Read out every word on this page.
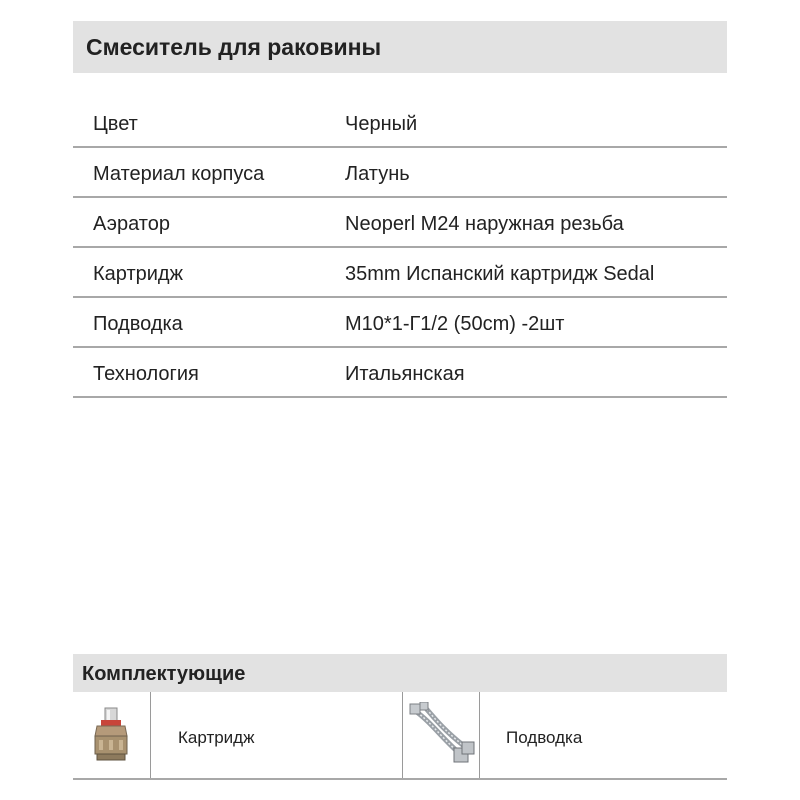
Смеситель для раковины
Цвет	Черный
Материал корпуса	Латунь
Аэратор	Neoperl M24 наружная резьба
Картридж	35mm Испанский картридж Sedal
Подводка	M10*1-Г1/2 (50cm) -2шт
Технология	Итальянская
Комплектующие
Картридж	Подводка
